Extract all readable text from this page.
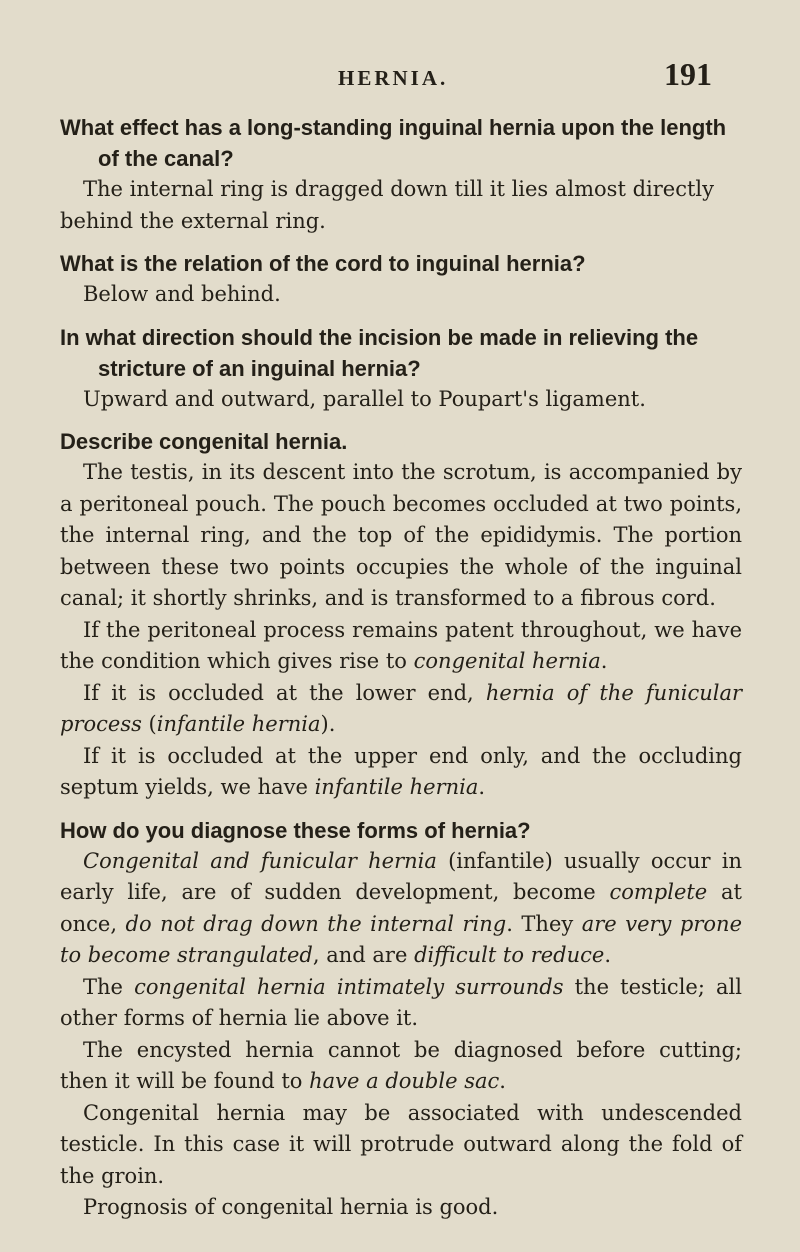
HERNIA.	191
What effect has a long-standing inguinal hernia upon the length of the canal?
The internal ring is dragged down till it lies almost directly behind the external ring.
What is the relation of the cord to inguinal hernia?
Below and behind.
In what direction should the incision be made in relieving the stricture of an inguinal hernia?
Upward and outward, parallel to Poupart's ligament.
Describe congenital hernia.
The testis, in its descent into the scrotum, is accompanied by a peritoneal pouch. The pouch becomes occluded at two points, the internal ring, and the top of the epididymis. The portion between these two points occupies the whole of the inguinal canal; it shortly shrinks, and is transformed to a fibrous cord.
If the peritoneal process remains patent throughout, we have the condition which gives rise to congenital hernia.
If it is occluded at the lower end, hernia of the funicular process (infantile hernia).
If it is occluded at the upper end only, and the occluding septum yields, we have infantile hernia.
How do you diagnose these forms of hernia?
Congenital and funicular hernia (infantile) usually occur in early life, are of sudden development, become complete at once, do not drag down the internal ring. They are very prone to become strangulated, and are difficult to reduce.
The congenital hernia intimately surrounds the testicle; all other forms of hernia lie above it.
The encysted hernia cannot be diagnosed before cutting; then it will be found to have a double sac.
Congenital hernia may be associated with undescended testicle. In this case it will protrude outward along the fold of the groin.
Prognosis of congenital hernia is good.
